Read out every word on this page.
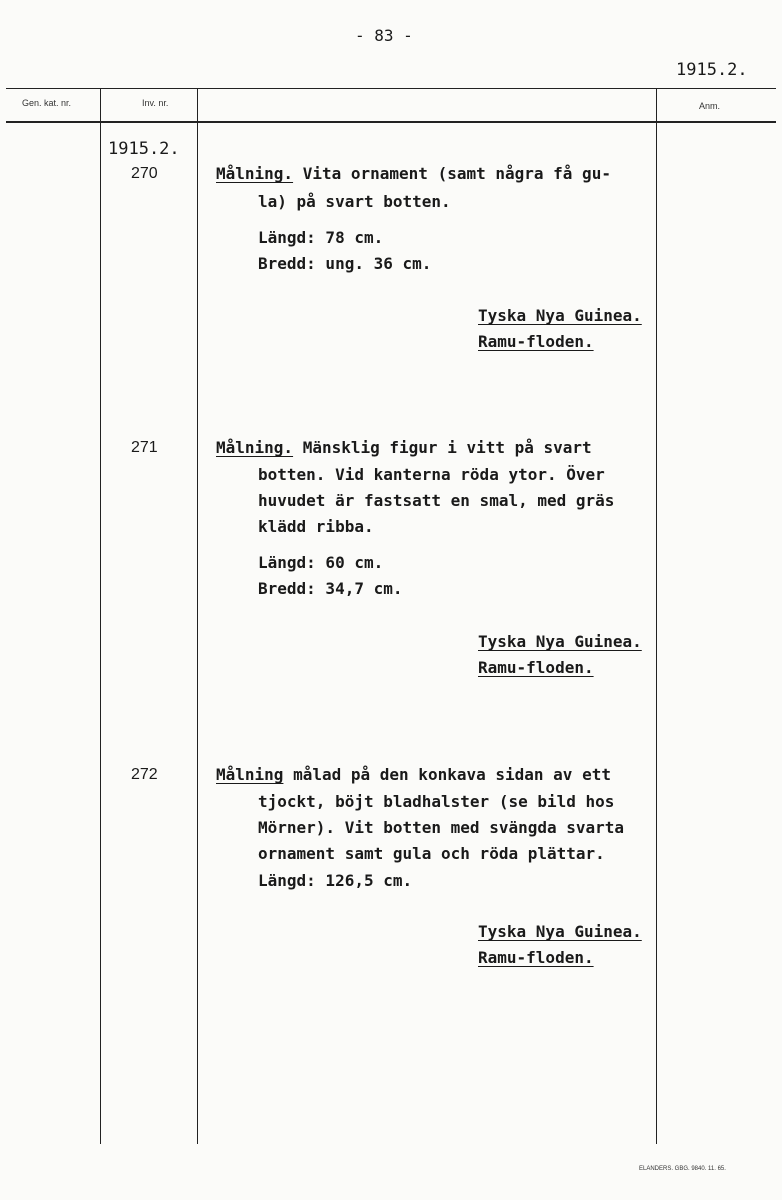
- 83 -
1915.2.
Gen. kat. nr.	Inv. nr.	Anm.
1915.2.
270	Målning. Vita ornament (samt några få gu-
la) på svart botten.
Längd: 78 cm.
Bredd: ung. 36 cm.
Tyska Nya Guinea.
Ramu-floden.
271	Målning. Mänsklig figur i vitt på svart
botten. Vid kanterna röda ytor. Över
huvudet är fastsatt en smal, med gräs
klädd ribba.
Längd: 60 cm.
Bredd: 34,7 cm.
Tyska Nya Guinea.
Ramu-floden.
272	Målning målad på den konkava sidan av ett
tjockt, böjt bladhalster (se bild hos
Mörner). Vit botten med svängda svarta
ornament samt gula och röda plättar.
Längd: 126,5 cm.
Tyska Nya Guinea.
Ramu-floden.
ELANDERS. GBG. 9840. 11. 65.
